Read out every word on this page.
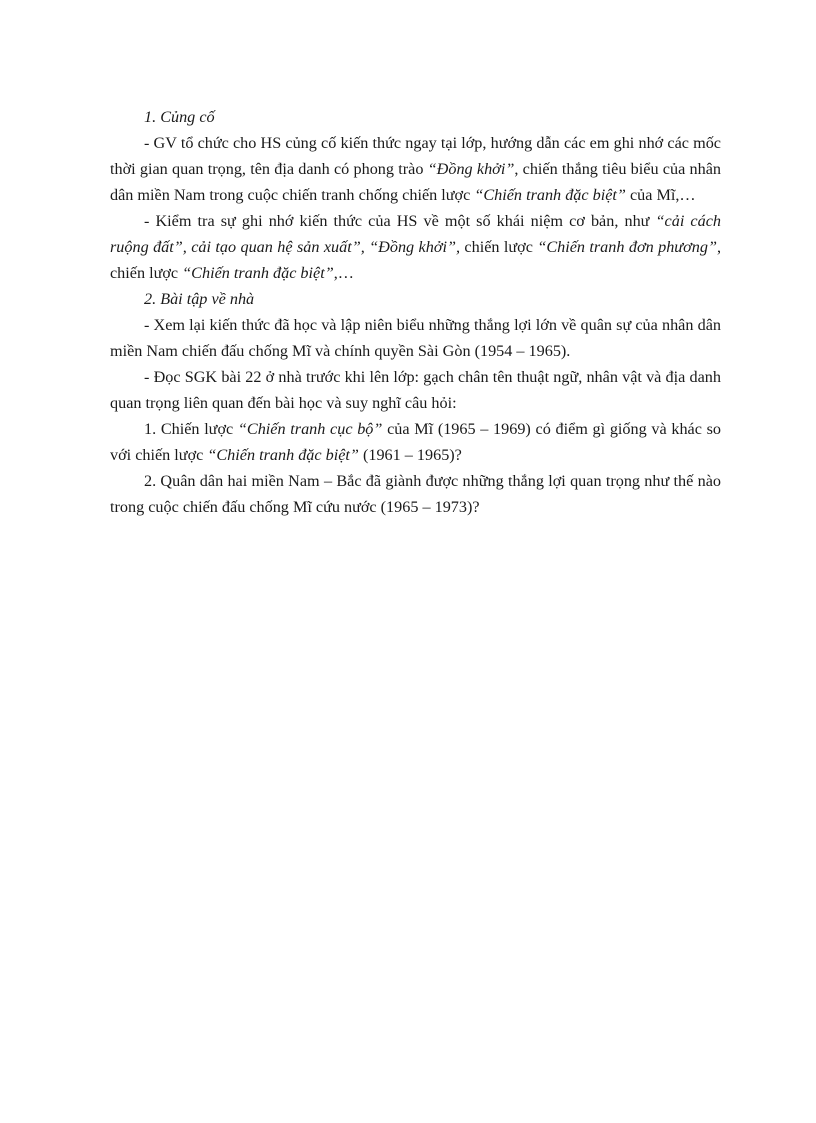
1. Củng cố

- GV tổ chức cho HS củng cố kiến thức ngay tại lớp, hướng dẫn các em ghi nhớ các mốc thời gian quan trọng, tên địa danh có phong trào “Đồng khởi”, chiến thắng tiêu biểu của nhân dân miền Nam trong cuộc chiến tranh chống chiến lược “Chiến tranh đặc biệt” của Mĩ,…

- Kiểm tra sự ghi nhớ kiến thức của HS về một số khái niệm cơ bản, như “cải cách ruộng đất”, cải tạo quan hệ sản xuất”, “Đồng khởi”, chiến lược “Chiến tranh đơn phương”, chiến lược “Chiến tranh đặc biệt”,…

2. Bài tập về nhà

- Xem lại kiến thức đã học và lập niên biểu những thắng lợi lớn về quân sự của nhân dân miền Nam chiến đấu chống Mĩ và chính quyền Sài Gòn (1954 – 1965).

- Đọc SGK bài 22 ở nhà trước khi lên lớp: gạch chân tên thuật ngữ, nhân vật và địa danh quan trọng liên quan đến bài học và suy nghĩ câu hỏi:

1. Chiến lược “Chiến tranh cục bộ” của Mĩ (1965 – 1969) có điểm gì giống và khác so với chiến lược “Chiến tranh đặc biệt” (1961 – 1965)?

2. Quân dân hai miền Nam – Bắc đã giành được những thắng lợi quan trọng như thế nào trong cuộc chiến đấu chống Mĩ cứu nước (1965 – 1973)?
